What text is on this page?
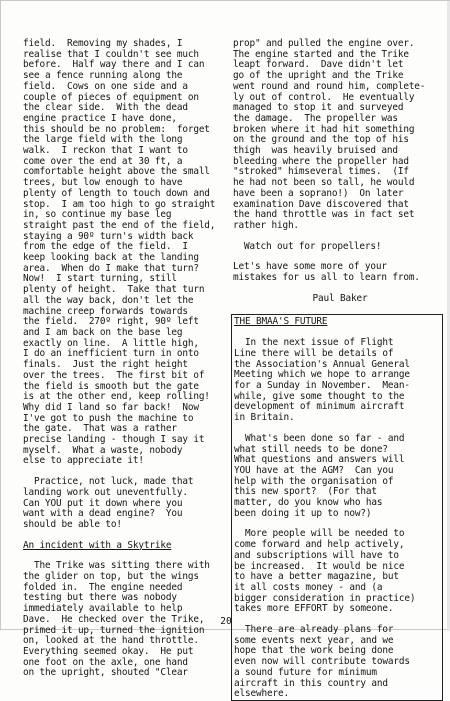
field.  Removing my shades, I

realise that I couldn't see much

before.  Half way there and I can

see a fence running along the

field.  Cows on one side and a

couple of pieces of equipment on

the clear side.  With the dead

engine practice I have done,

this should be no problem:  forget

the large field with the long

walk.  I reckon that I want to

come over the end at 30 ft, a

comfortable height above the small

trees, but low enough to have

plenty of length to touch down and

stop.  I am too high to go straight

in, so continue my base leg

straight past the end of the field,

staying a 90º turn's width back

from the edge of the field.  I

keep looking back at the landing

area.  When do I make that turn?

Now!  I start turning, still

plenty of height.  Take that turn

all the way back, don't let the

machine creep forwards towards

the field.  270º right, 90º left

and I am back on the base leg

exactly on line.  A little high,

I do an inefficient turn in onto

finals.  Just the right height

over the trees.  The first bit of

the field is smooth but the gate

is at the other end, keep rolling!

Why did I land so far back!  Now

I've got to push the machine to

the gate.  That was a rather

precise landing - though I say it

myself.  What a waste, nobody

else to appreciate it!

Practice, not luck, made that

landing work out uneventfully.

Can YOU put it down where you

want with a dead engine?  You

should be able to!

An incident with a Skytrike

The Trike was sitting there with

the glider on top, but the wings

folded in.  The engine needed

testing but there was nobody

immediately available to help

Dave.  He checked over the Trike,

primed it up, turned the ignition

on, looked at the hand throttle.

Everything seemed okay.  He put

one foot on the axle, one hand

on the upright, shouted "Clear

prop" and pulled the engine over.

The engine started and the Trike

leapt forward.  Dave didn't let

go of the upright and the Trike

went round and round him, complete-

ly out of control.  He eventually

managed to stop it and surveyed

the damage.  The propeller was

broken where it had hit something

on the ground and the top of his

thigh  was heavily bruised and

bleeding where the propeller had

"stroked" himseveral times.  (If

he had not been so tall, he would

have been a soprano!)  On later

examination Dave discovered that

the hand throttle was in fact set

rather high.

Watch out for propellers!

Let's have some more of your

mistakes for us all to learn from.

Paul Baker

THE BMAA'S FUTURE

In the next issue of Flight

Line there will be details of

the Association's Annual General

Meeting which we hope to arrange

for a Sunday in November.  Mean-

while, give some thought to the

development of minimum aircraft

in Britain.

What's been done so far - and

what still needs to be done?

What questions and answers will

YOU have at the AGM?  Can you

help with the organisation of

this new sport?  (For that

matter, do you know who has

been doing it up to now?)

More people will be needed to

come forward and help actively,

and subscriptions will have to

be increased.  It would be nice

to have a better magazine, but

it all costs money - and (a

bigger consideration in practice)

takes more EFFORT by someone.

There are already plans for

some events next year, and we

hope that the work being done

even now will contribute towards

a sound future for minimum

aircraft in this country and

elsewhere.

20
